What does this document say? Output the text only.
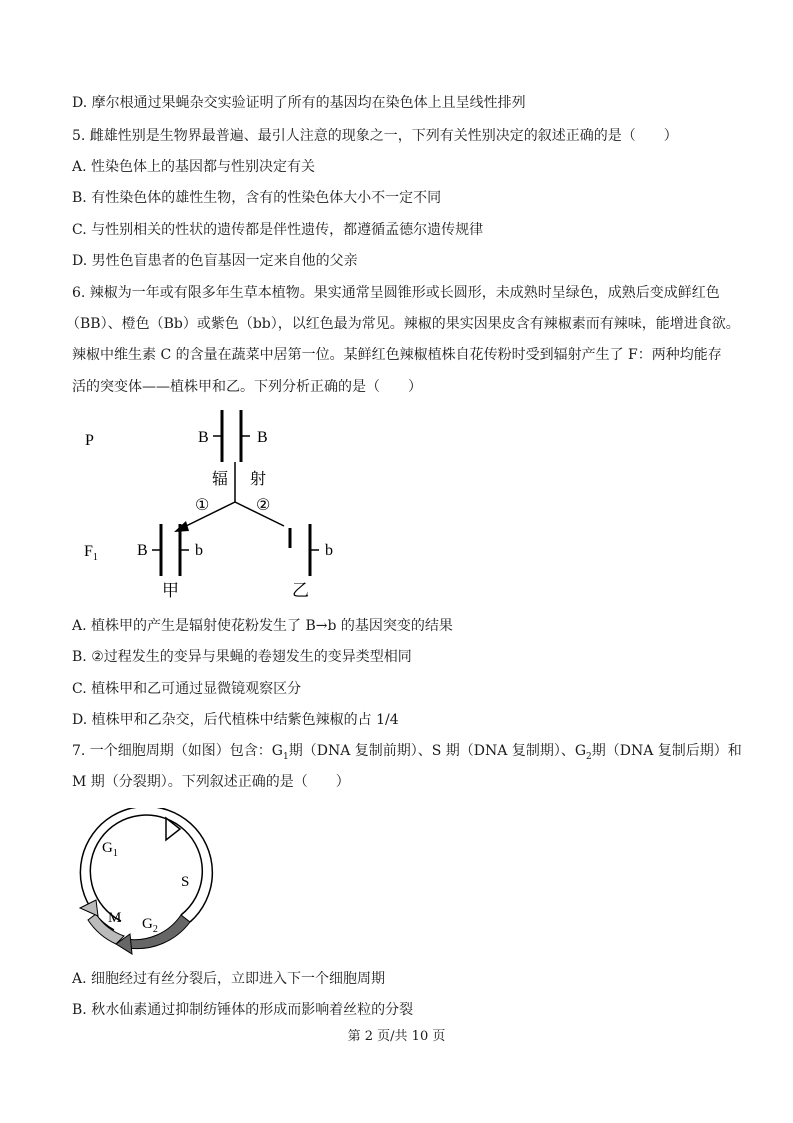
D. 摩尔根通过果蝇杂交实验证明了所有的基因均在染色体上且呈线性排列
5. 雌雄性别是生物界最普遍、最引人注意的现象之一，下列有关性别决定的叙述正确的是（　　）
A. 性染色体上的基因都与性别决定有关
B. 有性染色体的雄性生物，含有的性染色体大小不一定不同
C. 与性别相关的性状的遗传都是伴性遗传，都遵循孟德尔遗传规律
D. 男性色盲患者的色盲基因一定来自他的父亲
6. 辣椒为一年或有限多年生草本植物。果实通常呈圆锥形或长圆形，未成熟时呈绿色，成熟后变成鲜红色
（BB）、橙色（Bb）或紫色（bb），以红色最为常见。辣椒的果实因果皮含有辣椒素而有辣味，能增进食欲。
辣椒中维生素 C 的含量在蔬菜中居第一位。某鲜红色辣椒植株自花传粉时受到辐射产生了 F：两种均能存
活的突变体——植株甲和乙。下列分析正确的是（　　）
P	B	B
辐 射
①	②
$F_1$ B	b
甲
b
乙
A. 植株甲的产生是辐射使花粉发生了 B→b 的基因突变的结果
B. ②过程发生的变异与果蝇的卷翅发生的变异类型相同
C. 植株甲和乙可通过显微镜观察区分
D. 植株甲和乙杂交，后代植株中结紫色辣椒的占 1/4
7. 一个细胞周期（如图）包含：$G_1$期（DNA 复制前期）、S 期（DNA 复制期）、$G_2$期（DNA 复制后期）和
M 期（分裂期）。下列叙述正确的是（　　）
$G_1$
S
M $G_2$
A. 细胞经过有丝分裂后，立即进入下一个细胞周期
B. 秋水仙素通过抑制纺锤体的形成而影响着丝粒的分裂
第 2 页/共 10 页
